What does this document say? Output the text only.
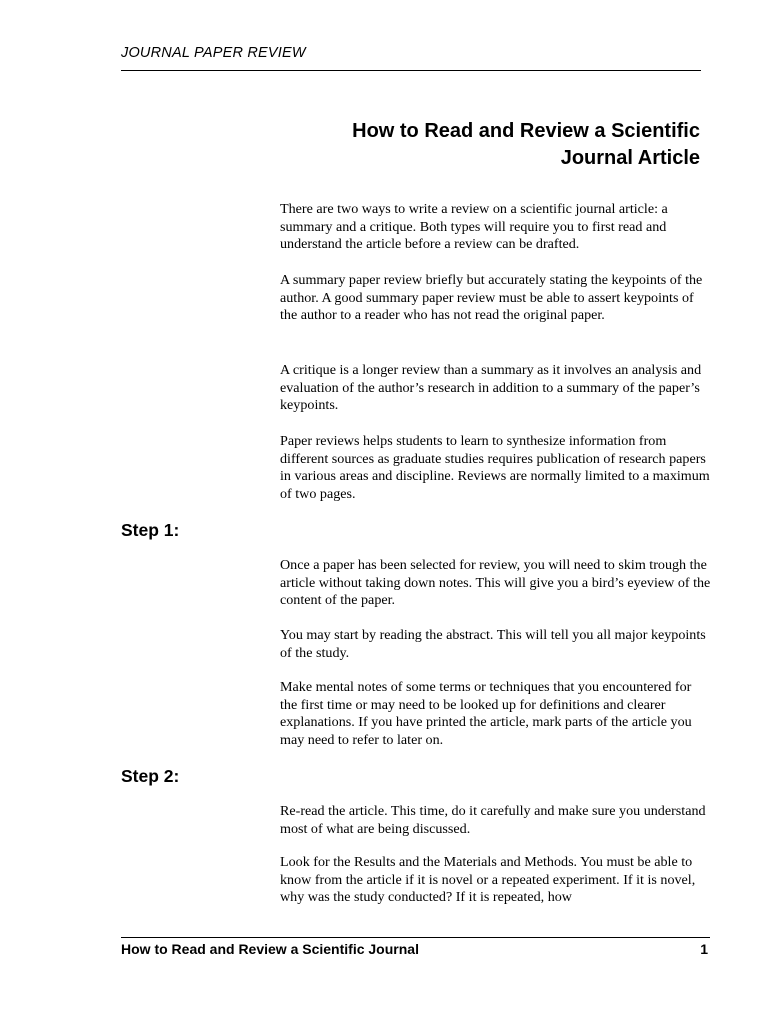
JOURNAL PAPER REVIEW
How to Read and Review a Scientific
Journal Article

There are two ways to write a review on a scientific journal article: a summary and a critique. Both types will require you to first read and understand the article before a review can be drafted.

A summary paper review briefly but accurately stating the keypoints of the author. A good summary paper review must be able to assert keypoints of the author to a reader who has not read the original paper.

A critique is a longer review than a summary as it involves an analysis and evaluation of the author’s research in addition to a summary of the paper’s keypoints.

Paper reviews helps students to learn to synthesize information from different sources as graduate studies requires publication of research papers in various areas and discipline. Reviews are normally limited to a maximum of two pages.

Step 1:

Once a paper has been selected for review, you will need to skim trough the article without taking down notes. This will give you a bird’s eyeview of the content of the paper.

You may start by reading the abstract. This will tell you all major keypoints of the study.

Make mental notes of some terms or techniques that you encountered for the first time or may need to be looked up for definitions and clearer explanations. If you have printed the article, mark parts of the article you may need to refer to later on.

Step 2:

Re-read the article. This time, do it carefully and make sure you understand most of what are being discussed.

Look for the Results and the Materials and Methods. You must be able to know from the article if it is novel or a repeated experiment. If it is novel, why was the study conducted? If it is repeated, how

How to Read and Review a Scientific Journal	1
